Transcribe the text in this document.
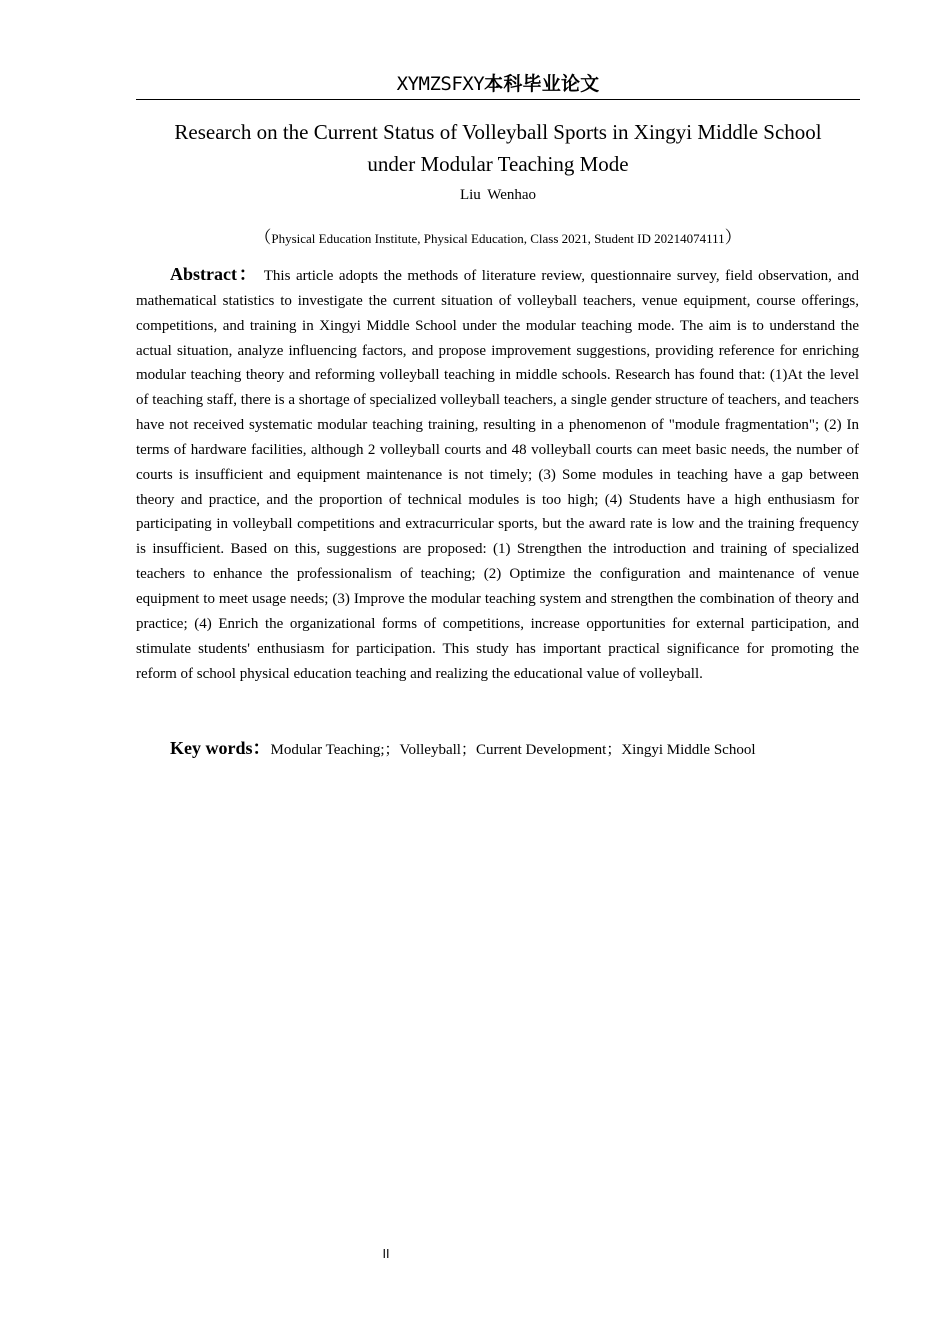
XYMZSFXY本科毕业论文
Research on the Current Status of Volleyball Sports in Xingyi Middle School
under Modular Teaching Mode
Liu Wenhao
（Physical Education Institute, Physical Education, Class 2021, Student ID 20214074111）

Abstract： This article adopts the methods of literature review, questionnaire survey, field observation, and mathematical statistics to investigate the current situation of volleyball teachers, venue equipment, course offerings, competitions, and training in Xingyi Middle School under the modular teaching mode. The aim is to understand the actual situation, analyze influencing factors, and propose improvement suggestions, providing reference for enriching modular teaching theory and reforming volleyball teaching in middle schools. Research has found that: (1)At the level of teaching staff, there is a shortage of specialized volleyball teachers, a single gender structure of teachers, and teachers have not received systematic modular teaching training, resulting in a phenomenon of "module fragmentation"; (2) In terms of hardware facilities, although 2 volleyball courts and 48 volleyball courts can meet basic needs, the number of courts is insufficient and equipment maintenance is not timely; (3) Some modules in teaching have a gap between theory and practice, and the proportion of technical modules is too high; (4) Students have a high enthusiasm for participating in volleyball competitions and extracurricular sports, but the award rate is low and the training frequency is insufficient. Based on this, suggestions are proposed: (1) Strengthen the introduction and training of specialized teachers to enhance the professionalism of teaching; (2) Optimize the configuration and maintenance of venue equipment to meet usage needs; (3) Improve the modular teaching system and strengthen the combination of theory and practice; (4) Enrich the organizational forms of competitions, increase opportunities for external participation, and stimulate students' enthusiasm for participation. This study has important practical significance for promoting the reform of school physical education teaching and realizing the educational value of volleyball.

Key words：Modular Teaching;；Volleyball；Current Development；Xingyi Middle School
II
